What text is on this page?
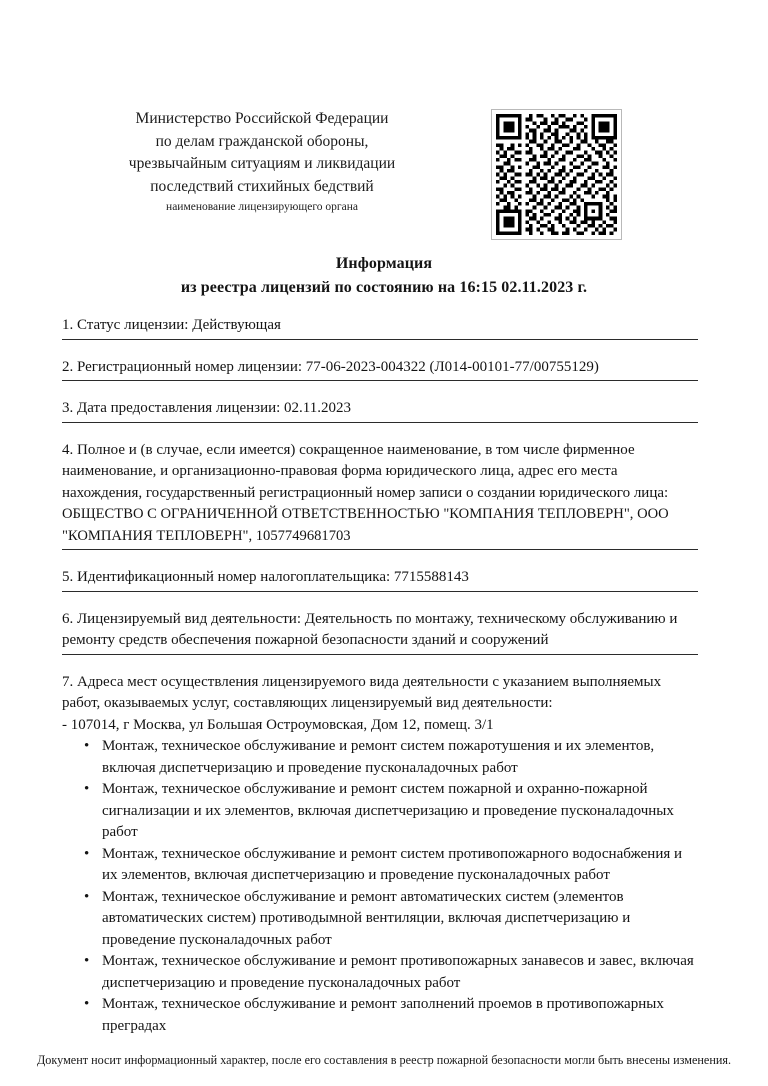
Министерство Российской Федерации
по делам гражданской обороны,
чрезвычайным ситуациям и ликвидации
последствий стихийных бедствий
наименование лицензирующего органа
Информация
из реестра лицензий по состоянию на 16:15 02.11.2023 г.

1. Статус лицензии: Действующая

2. Регистрационный номер лицензии: 77-06-2023-004322 (Л014-00101-77/00755129)

3. Дата предоставления лицензии: 02.11.2023

4. Полное и (в случае, если имеется) сокращенное наименование, в том числе фирменное наименование, и организационно-правовая форма юридического лица, адрес его места нахождения, государственный регистрационный номер записи о создании юридического лица: ОБЩЕСТВО С ОГРАНИЧЕННОЙ ОТВЕТСТВЕННОСТЬЮ "КОМПАНИЯ ТЕПЛОВЕРН", ООО "КОМПАНИЯ ТЕПЛОВЕРН", 1057749681703

5. Идентификационный номер налогоплательщика: 7715588143

6. Лицензируемый вид деятельности: Деятельность по монтажу, техническому обслуживанию и ремонту средств обеспечения пожарной безопасности зданий и сооружений

7. Адреса мест осуществления лицензируемого вида деятельности с указанием выполняемых работ, оказываемых услуг, составляющих лицензируемый вид деятельности:

- 107014, г Москва, ул Большая Остроумовская, Дом 12, помещ. 3/1

• Монтаж, техническое обслуживание и ремонт систем пожаротушения и их элементов, включая диспетчеризацию и проведение пусконаладочных работ
• Монтаж, техническое обслуживание и ремонт систем пожарной и охранно-пожарной сигнализации и их элементов, включая диспетчеризацию и проведение пусконаладочных работ
• Монтаж, техническое обслуживание и ремонт систем противопожарного водоснабжения и их элементов, включая диспетчеризацию и проведение пусконаладочных работ
• Монтаж, техническое обслуживание и ремонт автоматических систем (элементов автоматических систем) противодымной вентиляции, включая диспетчеризацию и проведение пусконаладочных работ
• Монтаж, техническое обслуживание и ремонт противопожарных занавесов и завес, включая диспетчеризацию и проведение пусконаладочных работ
• Монтаж, техническое обслуживание и ремонт заполнений проемов в противопожарных преградах
Документ носит информационный характер, после его составления в реестр пожарной безопасности могли быть внесены изменения.
